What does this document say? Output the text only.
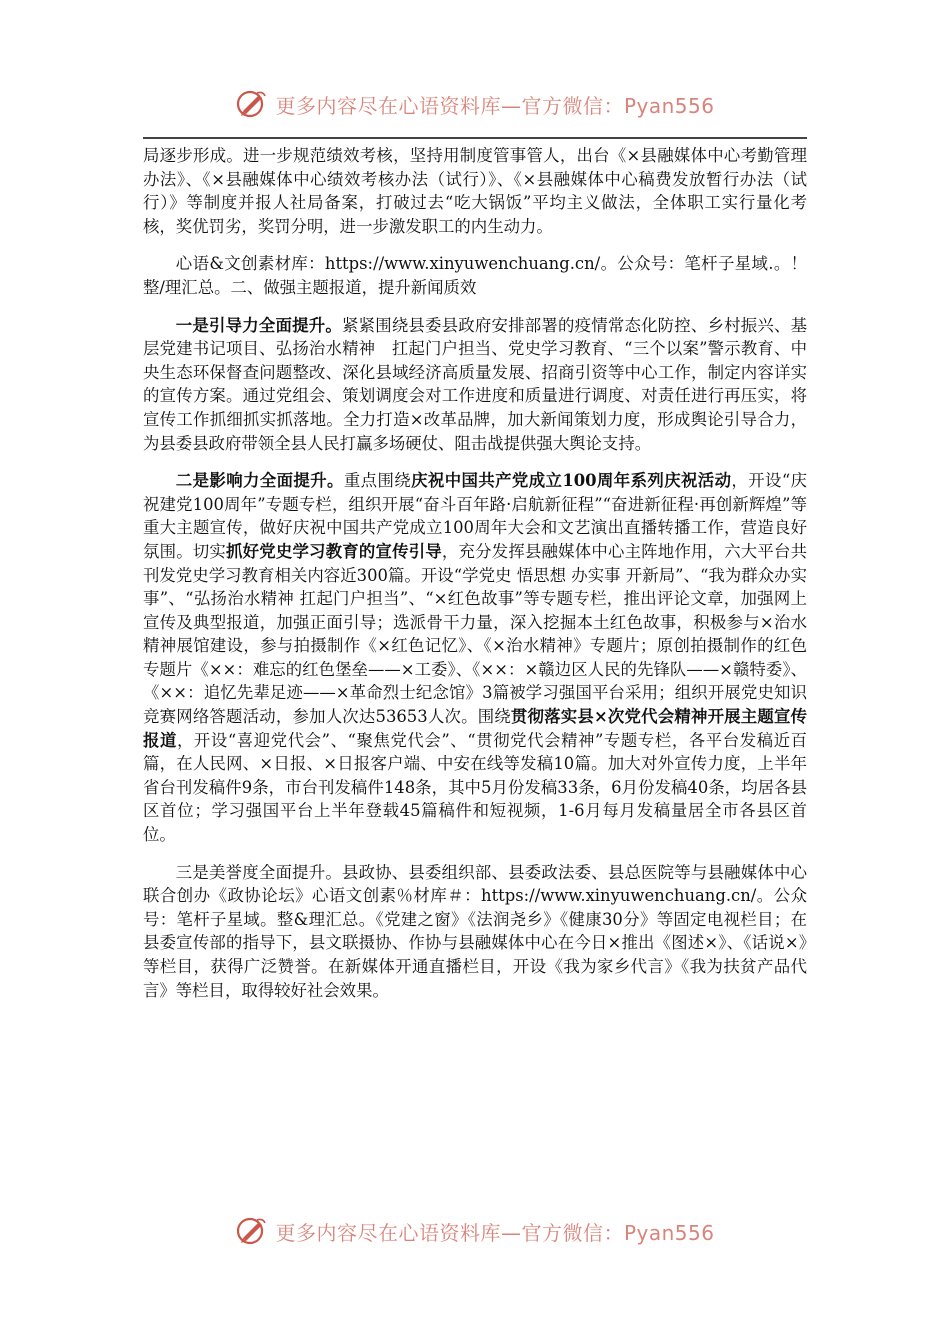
更多内容尽在心语资料库—官方微信：Pyan556

局逐步形成。进一步规范绩效考核，坚持用制度管事管人，出台《×县融媒体中心考勤管理办法》、《×县融媒体中心绩效考核办法（试行）》、《×县融媒体中心稿费发放暂行办法（试行）》等制度并报人社局备案，打破过去“吃大锅饭”平均主义做法，全体职工实行量化考核，奖优罚劣，奖罚分明，进一步激发职工的内生动力。

心语&文创素材库：https://www.xinyuwenchuang.cn/。公众号：笔杆子星域.。！整/理汇总。二、做强主题报道，提升新闻质效

一是引导力全面提升。紧紧围绕县委县政府安排部署的疫情常态化防控、乡村振兴、基层党建书记项目、弘扬治水精神　扛起门户担当、党史学习教育、“三个以案”警示教育、中央生态环保督查问题整改、深化县域经济高质量发展、招商引资等中心工作，制定内容详实的宣传方案。通过党组会、策划调度会对工作进度和质量进行调度、对责任进行再压实，将宣传工作抓细抓实抓落地。全力打造×改革品牌，加大新闻策划力度，形成舆论引导合力，为县委县政府带领全县人民打赢多场硬仗、阻击战提供强大舆论支持。

二是影响力全面提升。重点围绕庆祝中国共产党成立100周年系列庆祝活动，开设“庆祝建党100周年”专题专栏，组织开展“奋斗百年路·启航新征程”“奋进新征程·再创新辉煌”等重大主题宣传，做好庆祝中国共产党成立100周年大会和文艺演出直播转播工作，营造良好氛围。切实抓好党史学习教育的宣传引导，充分发挥县融媒体中心主阵地作用，六大平台共刊发党史学习教育相关内容近300篇。开设“学党史 悟思想 办实事 开新局”、“我为群众办实事”、“弘扬治水精神 扛起门户担当”、“×红色故事”等专题专栏，推出评论文章，加强网上宣传及典型报道，加强正面引导；选派骨干力量，深入挖掘本土红色故事，积极参与×治水精神展馆建设，参与拍摄制作《×红色记忆》、《×治水精神》专题片；原创拍摄制作的红色专题片《××：难忘的红色堡垒——×工委》、《××：×赣边区人民的先锋队——×赣特委》、《××：追忆先辈足迹——×革命烈士纪念馆》3篇被学习强国平台采用；组织开展党史知识竞赛网络答题活动，参加人次达53653人次。围绕贯彻落实县×次党代会精神开展主题宣传报道，开设“喜迎党代会”、“聚焦党代会”、“贯彻党代会精神”专题专栏，各平台发稿近百篇，在人民网、×日报、×日报客户端、中安在线等发稿10篇。加大对外宣传力度，上半年省台刊发稿件9条，市台刊发稿件148条，其中5月份发稿33条，6月份发稿40条，均居各县区首位；学习强国平台上半年登载45篇稿件和短视频，1-6月每月发稿量居全市各县区首位。

三是美誉度全面提升。县政协、县委组织部、县委政法委、县总医院等与县融媒体中心联合创办《政协论坛》心语文创素％材库＃：https://www.xinyuwenchuang.cn/。公众号：笔杆子星域。整&理汇总。《党建之窗》《法润尧乡》《健康30分》等固定电视栏目；在县委宣传部的指导下，县文联摄协、作协与县融媒体中心在今日×推出《图述×》、《话说×》等栏目，获得广泛赞誉。在新媒体开通直播栏目，开设《我为家乡代言》《我为扶贫产品代言》等栏目，取得较好社会效果。

更多内容尽在心语资料库—官方微信：Pyan556
